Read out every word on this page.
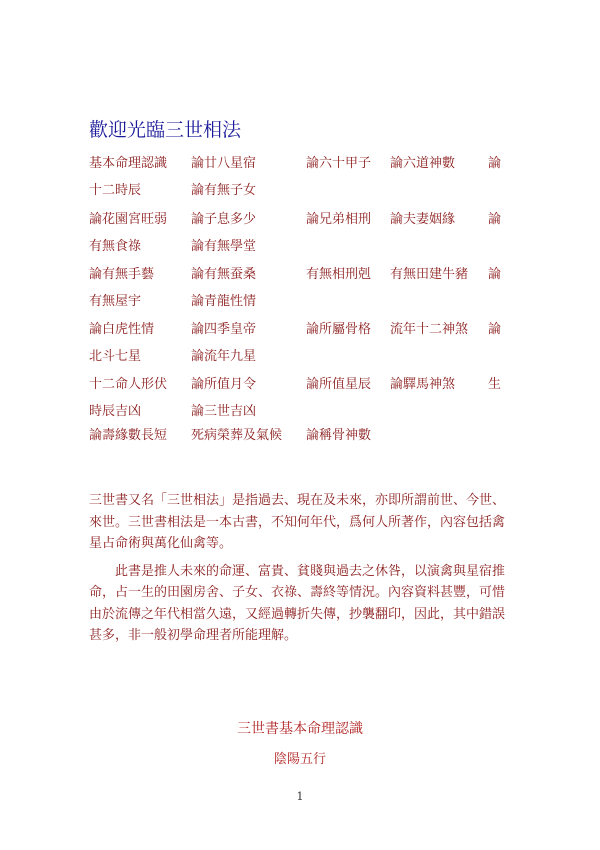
歡迎光臨三世相法
基本命理認識 論廿八星宿	論六十甲子 論六道神數	論
十二時辰	論有無子女
論花園宮旺弱 論子息多少	論兄弟相刑 論夫妻姻緣	論
有無食祿	論有無學堂
論有無手藝	論有無蚕桑	有無相刑剋 有無田建牛豬 論
有無屋宇	論青龍性情
論白虎性情	論四季皇帝	論所屬骨格 流年十二神煞 論
北斗七星	論流年九星
十二命人形伏 論所值月令	論所值星辰 論驛馬神煞	生
時辰吉凶	論三世吉凶
論壽緣數長短 死病榮葬及氣候 論稱骨神數

三世書又名「三世相法」是指過去、現在及未來，亦即所謂前世、今世、來世。三世書相法是一本古書，不知何年代，爲何人所著作，內容包括禽星占命術與萬化仙禽等。

此書是推人未來的命運、富貴、貧賤與過去之休咎，以演禽與星宿推命，占一生的田園房舍、子女、衣祿、壽終等情況。內容資料甚豐，可惜由於流傳之年代相當久遠，又經過轉折失傳，抄襲翻印，因此，其中錯誤甚多，非一般初學命理者所能理解。

三世書基本命理認識
陰陽五行
1
